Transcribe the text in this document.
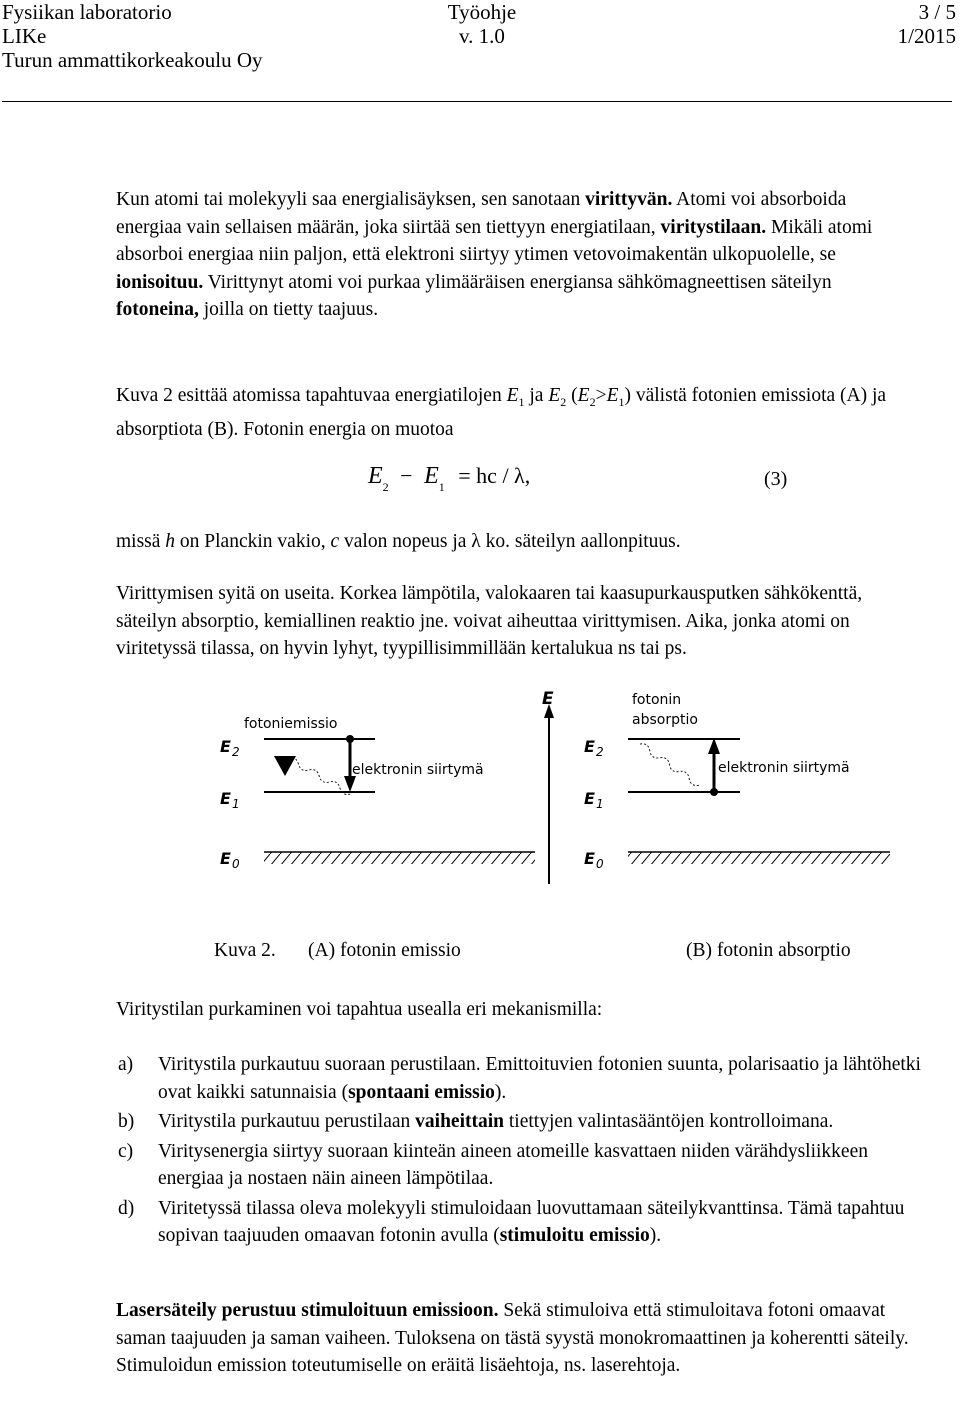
Fysiikan laboratorio
LIKe
Turun ammattikorkeakoulu Oy
Työohje
v. 1.0
3 / 5
1/2015

Kun atomi tai molekyyli saa energialisäyksen, sen sanotaan virittyvän. Atomi voi absorboida energiaa vain sellaisen määrän, joka siirtää sen tiettyyn energiatilaan, viritystilaan. Mikäli atomi absorboi energiaa niin paljon, että elektroni siirtyy ytimen vetovoimakentän ulkopuolelle, se ionisoituu. Virittynyt atomi voi purkaa ylimääräisen energiansa sähkömagneettisen säteilyn fotoneina, joilla on tietty taajuus.

Kuva 2 esittää atomissa tapahtuvaa energiatilojen $E_1$ ja $E_2$ $(E_2>E_1)$ välistä fotonien emissiota (A) ja absorptiota (B). Fotonin energia on muotoa

$E_2 - E_1$ = hc / λ,	(3)

missä h on Planckin vakio, c valon nopeus ja λ ko. säteilyn aallonpituus.

Virittymisen syitä on useita. Korkea lämpötila, valokaaren tai kaasupurkausputken sähkökenttä, säteilyn absorptio, kemiallinen reaktio jne. voivat aiheuttaa virittymisen. Aika, jonka atomi on viritetyssä tilassa, on hyvin lyhyt, tyypillisimmillään kertalukua ns tai ps.

E
fotoniemissio
E 2
E 1
elektronin siirtymä
E 0
fotonin
absorptio
E 2
E 1
elektronin siirtymä
E 0
Kuva 2. (A) fotonin emissio	(B) fotonin absorptio

Viritystilan purkaminen voi tapahtua usealla eri mekanismilla:

a) Viritystila purkautuu suoraan perustilaan. Emittoituvien fotonien suunta, polarisaatio ja lähtöhetki ovat kaikki satunnaisia (spontaani emissio).
b) Viritystila purkautuu perustilaan vaiheittain tiettyjen valintasääntöjen kontrolloimana.
c) Viritysenergia siirtyy suoraan kiinteän aineen atomeille kasvattaen niiden värähdysliikkeen energiaa ja nostaen näin aineen lämpötilaa.
d) Viritetyssä tilassa oleva molekyyli stimuloidaan luovuttamaan säteilykvanttinsa. Tämä tapahtuu sopivan taajuuden omaavan fotonin avulla (stimuloitu emissio).

Lasersäteily perustuu stimuloituun emissioon. Sekä stimuloiva että stimuloitava fotoni omaavat saman taajuuden ja saman vaiheen. Tuloksena on tästä syystä monokromaattinen ja koherentti säteily. Stimuloidun emission toteutumiselle on eräitä lisäehtoja, ns. laserehtoja.
